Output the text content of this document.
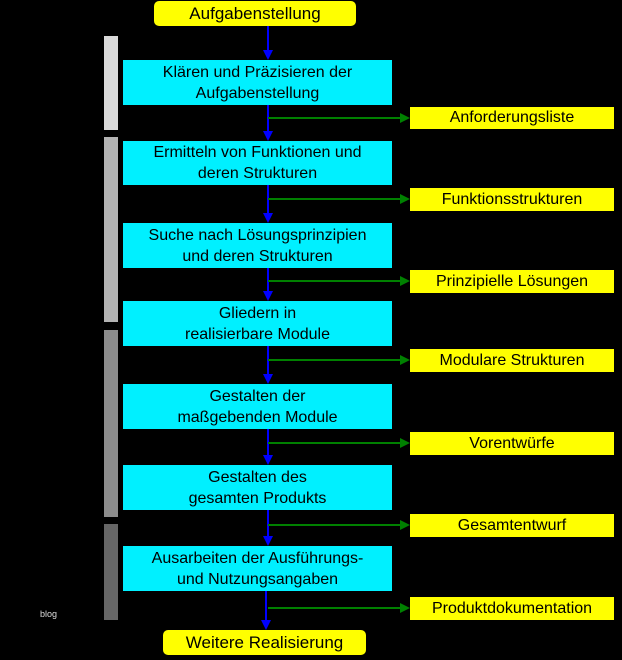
Aufgabenstellung
Klären und Präzisieren der
Aufgabenstellung
Anforderungsliste
Ermitteln von Funktionen und
deren Strukturen
Funktionsstrukturen
Suche nach Lösungsprinzipien
und deren Strukturen
Prinzipielle Lösungen
Gliedern in
realisierbare Module
Modulare Strukturen
Gestalten der
maßgebenden Module
Vorentwürfe
Gestalten des
gesamten Produkts
Gesamtentwurf
Ausarbeiten der Ausführungs-
und Nutzungsangaben
Produktdokumentation
Weitere Realisierung
blog
